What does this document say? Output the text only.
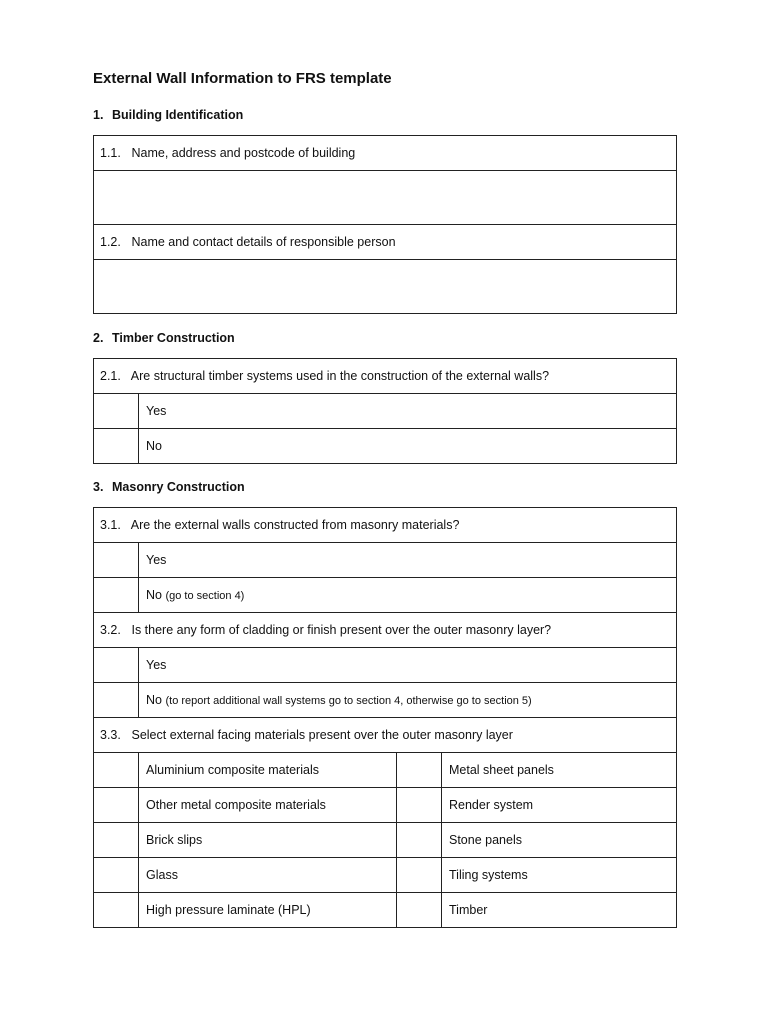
External Wall Information to FRS template
1. Building Identification
1.1. Name, address and postcode of building

1.2. Name and contact details of responsible person

2. Timber Construction
2.1. Are structural timber systems used in the construction of the external walls?	
	Yes
	No
3. Masonry Construction
3.1. Are the external walls constructed from masonry materials?			
	Yes		
	No (go to section 4)		
3.2. Is there any form of cladding or finish present over the outer masonry layer?			
	Yes		
	No (to report additional wall systems go to section 4, otherwise go to section 5)		
3.3. Select external facing materials present over the outer masonry layer			
	Aluminium composite materials		Metal sheet panels
	Other metal composite materials		Render system
	Brick slips		Stone panels
	Glass		Tiling systems
	High pressure laminate (HPL)		Timber
